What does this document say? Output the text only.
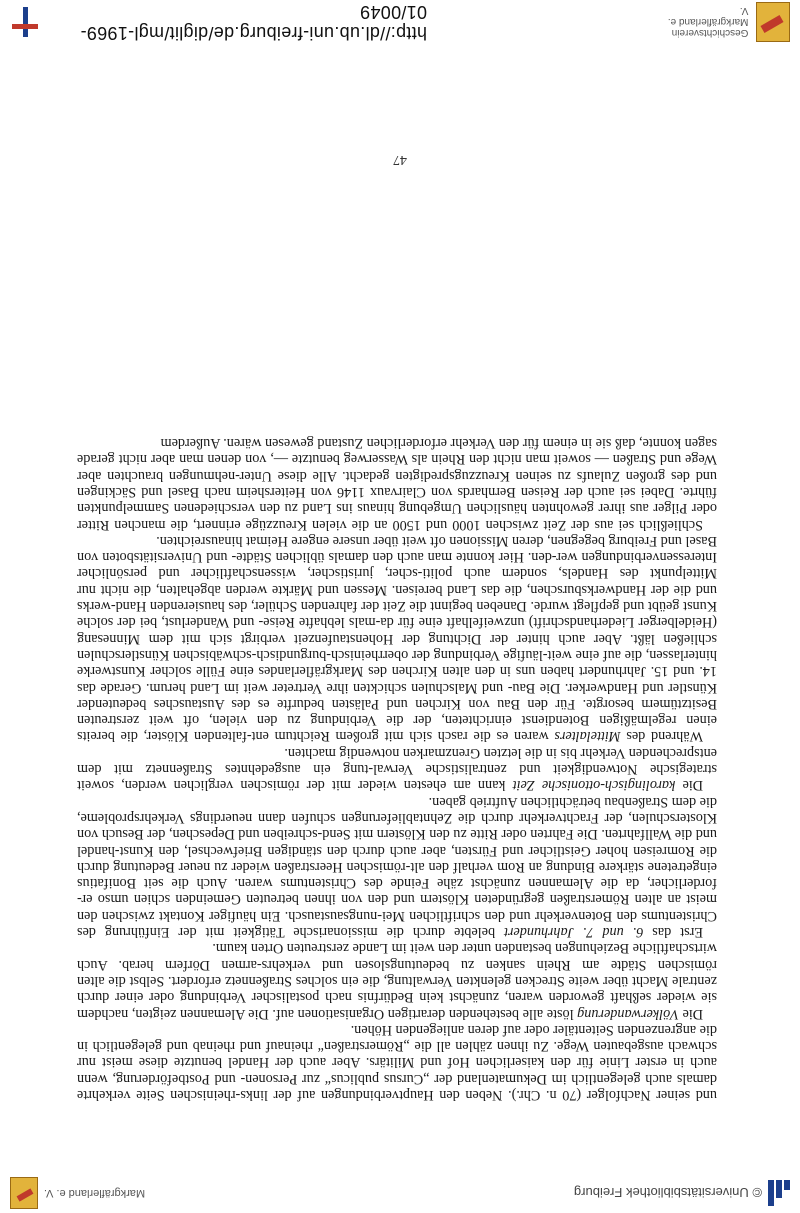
© Universitätsbibliothek Freiburg
Markgräflerland e. V.

und seiner Nachfolger (70 n. Chr.). Neben den Hauptverbindungen auf der links-rheinischen Seite verkehrte damals auch gelegentlich im Dekumatenland der „Cursus publicus“ zur Personen- und Postbeförderung, wenn auch in erster Linie für den kaiserlichen Hof und Militärs. Aber auch der Handel benutzte diese meist nur schwach ausgebauten Wege. Zu ihnen zählen all die „Römerstraßen“ rheinauf und rheinab und gelegentlich in die angrenzenden Seitentäler oder auf deren anliegenden Höhen.

Die Völkerwanderung löste alle bestehenden derartigen Organisationen auf. Die Alemannen zeigten, nachdem sie wieder seßhaft geworden waren, zunächst kein Bedürfnis nach postalischer Verbindung oder einer durch zentrale Macht über weite Strecken gelenkten Verwaltung, die ein solches Straßennetz erfordert. Selbst die alten römischen Städte am Rhein sanken zu bedeutungslosen und verkehrs-armen Dörfern herab. Auch wirtschaftliche Beziehungen bestanden unter den weit im Lande zerstreuten Orten kaum.

Erst das 6. und 7. Jahrhundert belebte durch die missionarische Tätigkeit mit der Einführung des Christentums den Botenverkehr und den schriftlichen Mei-nungsaustausch. Ein häufiger Kontakt zwischen den meist an alten Römerstraßen gegründeten Klöstern und den von ihnen betreuten Gemeinden schien umso er-forderlicher, da die Alemannen zunächst zähe Feinde des Christentums waren. Auch die seit Bonifatius eingetretene stärkere Bindung an Rom verhalf den alt-römischen Heerstraßen wieder zu neuer Bedeutung durch die Romreisen hoher Geistlicher und Fürsten, aber auch durch den ständigen Briefwechsel, den Kunst-handel und die Wallfahrten. Die Fahrten oder Ritte zu den Klöstern mit Send-schreiben und Depeschen, der Besuch von Klosterschulen, der Frachtverkehr durch die Zehntablieferungen schufen dann neuerdings Verkehrsprobleme, die dem Straßenbau beträchtlichen Auftrieb gaben.

Die karolingisch-ottonische Zeit kann am ehesten wieder mit der römischen verglichen werden, soweit strategische Notwendigkeit und zentralistische Verwal-tung ein ausgedehntes Straßennetz mit dem entsprechenden Verkehr bis in die letzten Grenzmarken notwendig machten.

Während des Mittelalters waren es die rasch sich mit großem Reichtum ent-faltenden Klöster, die bereits einen regelmäßigen Botendienst einrichteten, der die Verbindung zu den vielen, oft weit zerstreuten Besitztümern besorgte. Für den Bau von Kirchen und Palästen bedurfte es des Austausches bedeutender Künstler und Handwerker. Die Bau- und Malschulen schickten ihre Vertreter weit im Land herum. Gerade das 14. und 15. Jahrhundert haben uns in den alten Kirchen des Markgräflerlandes eine Fülle solcher Kunstwerke hinterlassen, die auf eine weit-läufige Verbindung der oberrheinisch-burgundisch-schwäbischen Künstlerschulen schließen läßt. Aber auch hinter der Dichtung der Hohenstaufenzeit verbirgt sich mit dem Minnesang (Heidelberger Liederhandschrift) unzweifelhaft eine für da-mals lebhafte Reise- und Wanderlust, bei der solche Kunst geübt und gepflegt wurde. Daneben beginnt die Zeit der fahrenden Schüler, des hausierenden Hand-werks und die der Handwerksburschen, die das Land bereisen. Messen und Märkte werden abgehalten, die nicht nur Mittelpunkt des Handels, sondern auch politi-scher, juristischer, wissenschaftlicher und persönlicher Interessenverbindungen wer-den. Hier konnte man auch den damals üblichen Städte- und Universitätsboten von Basel und Freiburg begegnen, deren Missionen oft weit über unsere engere Heimat hinausreichten.

Schließlich sei aus der Zeit zwischen 1000 und 1500 an die vielen Kreuzzüge erinnert, die manchen Ritter oder Pilger aus ihrer gewohnten häuslichen Umgebung hinaus ins Land zu den verschiedenen Sammelpunkten führte. Dabei sei auch der Reisen Bernhards von Clairvaux 1146 von Heitersheim nach Basel und Säckingen und des großen Zulaufs zu seinen Kreuzzugspredigten gedacht. Alle diese Unter-nehmungen brauchten aber Wege und Straßen — soweit man nicht den Rhein als Wasserweg benutzte —, von denen man aber nicht gerade sagen konnte, daß sie in einem für den Verkehr erforderlichen Zustand gewesen wären. Außerdem

47
Geschichtsverein
Markgräflerland e. V.
http://dl.ub.uni-freiburg.de/diglit/mgl-1969-01/0049
